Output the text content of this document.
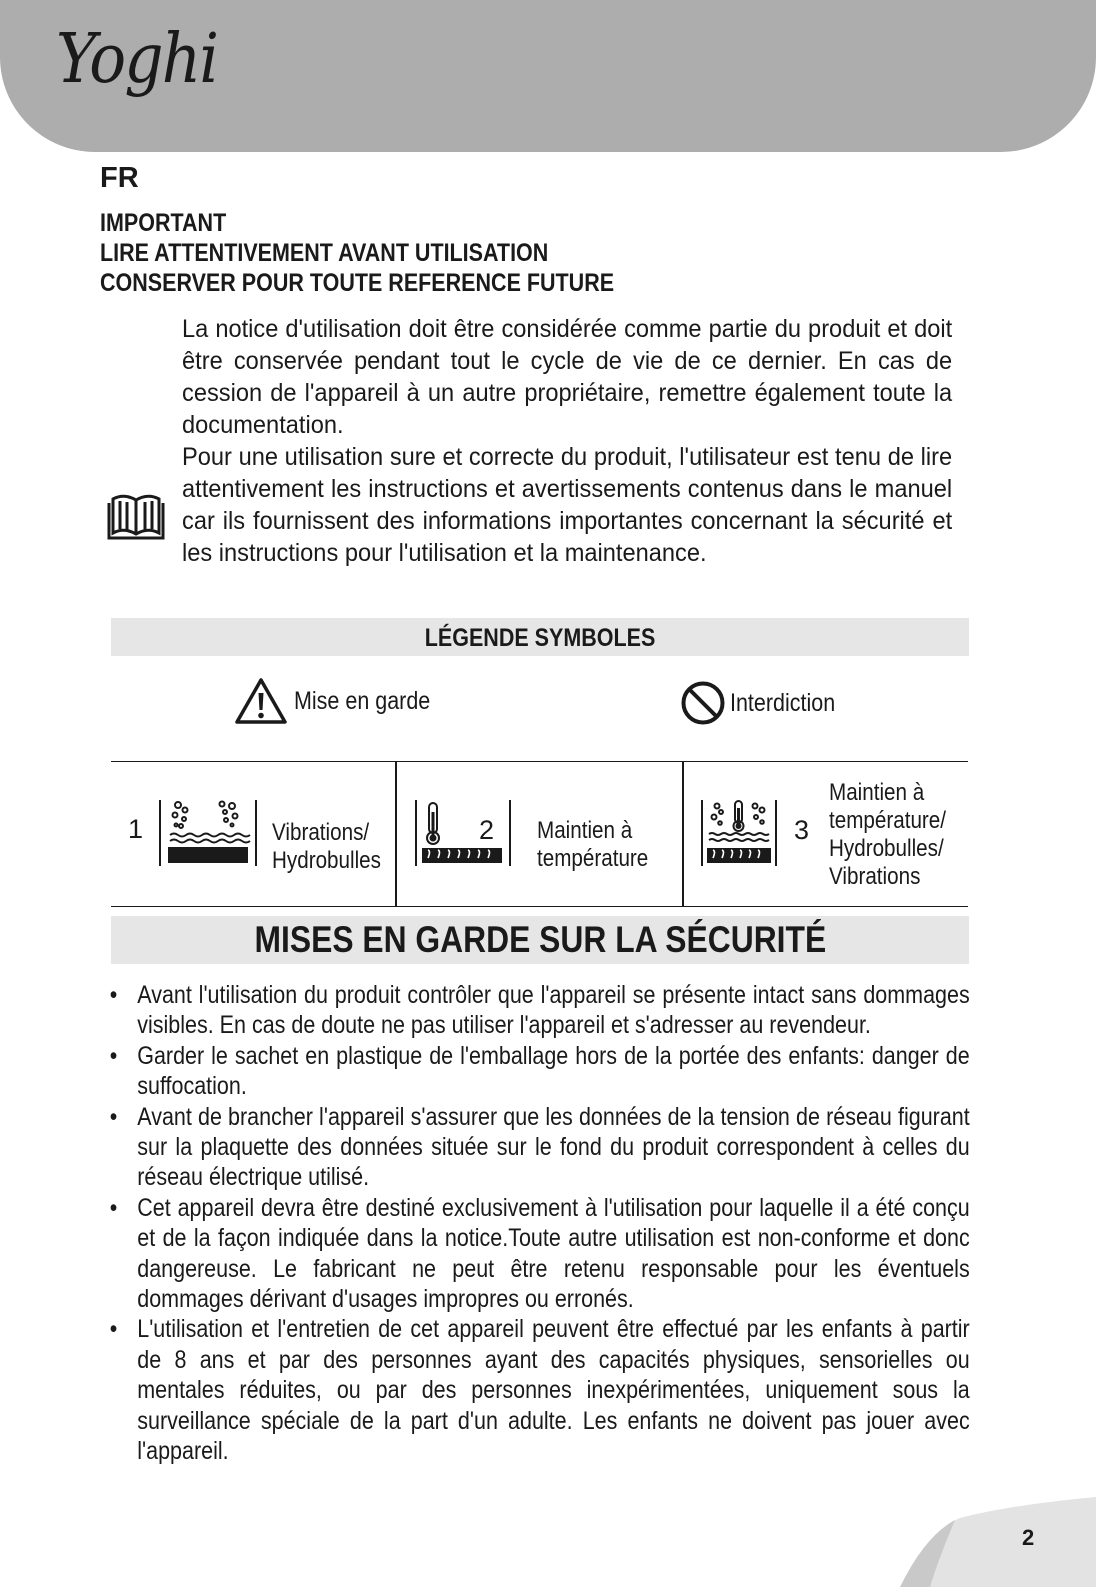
Yoghi
FR
IMPORTANT
LIRE ATTENTIVEMENT AVANT UTILISATION
CONSERVER POUR TOUTE REFERENCE FUTURE

La notice d'utilisation doit être considérée comme partie du produit et doit être conservée pendant tout le cycle de vie de ce dernier. En cas de cession de l'appareil à un autre propriétaire, remettre également toute la documentation.

Pour une utilisation sure et correcte du produit, l'utilisateur est tenu de lire attentivement les instructions et avertissements contenus dans le manuel car ils fournissent des informations importantes concernant la sécurité et les instructions pour l'utilisation et la maintenance.

LÉGENDE SYMBOLES
Mise en garde	Interdiction
1	Vibrations/
Hydrobulles
2 Maintien à
température
3
Maintien à
température/
Hydrobulles/
Vibrations
MISES EN GARDE SUR LA SÉCURITÉ
• Avant l'utilisation du produit contrôler que l'appareil se présente intact sans dommages visibles. En cas de doute ne pas utiliser l'appareil et s'adresser au revendeur.
• Garder le sachet en plastique de l'emballage hors de la portée des enfants: danger de suffocation.
• Avant de brancher l'appareil s'assurer que les données de la tension de réseau figurant sur la plaquette des données située sur le fond du produit correspondent à celles du réseau électrique utilisé.
• Cet appareil devra être destiné exclusivement à l'utilisation pour laquelle il a été conçu et de la façon indiquée dans la notice.Toute autre utilisation est non-conforme et donc dangereuse. Le fabricant ne peut être retenu responsable pour les éventuels dommages dérivant d'usages impropres ou erronés.
• L'utilisation et l'entretien de cet appareil peuvent être effectué par les enfants à partir de 8 ans et par des personnes ayant des capacités physiques, sensorielles ou mentales réduites, ou par des personnes inexpérimentées, uniquement sous la surveillance spéciale de la part d'un adulte. Les enfants ne doivent pas jouer avec l'appareil.
2
